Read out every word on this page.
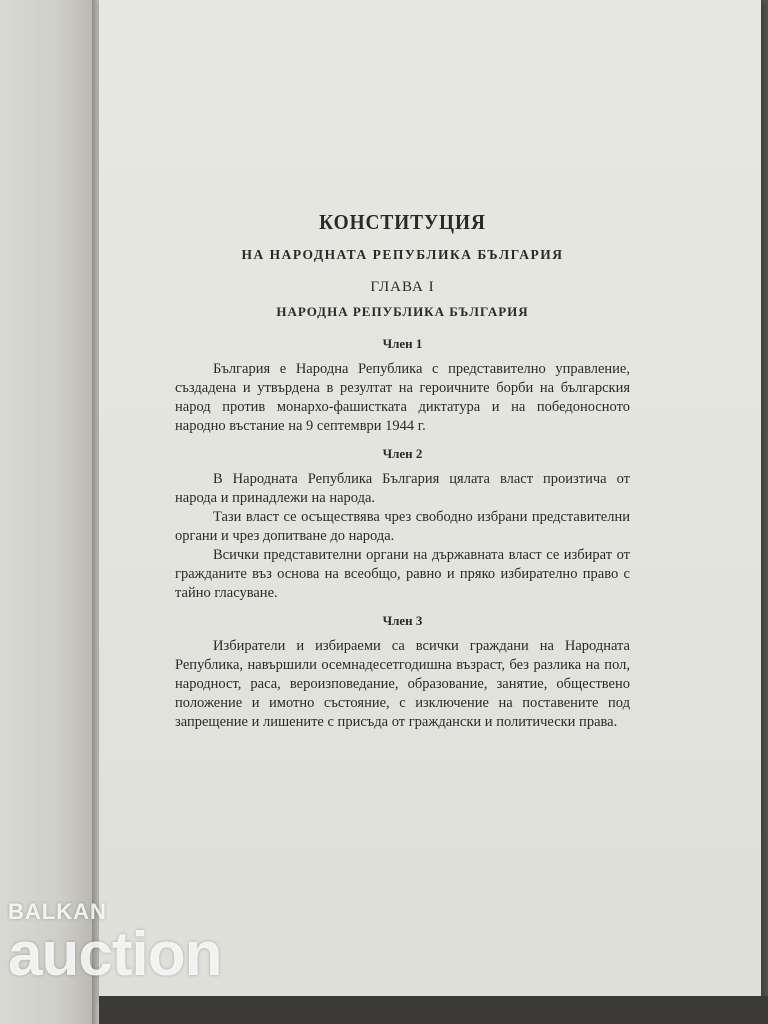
КОНСТИТУЦИЯ
НА НАРОДНАТА РЕПУБЛИКА БЪЛГАРИЯ
ГЛАВА I
НАРОДНА РЕПУБЛИКА БЪЛГАРИЯ
Член 1

България е Народна Република с представително управление, създадена и утвърдена в резултат на героичните борби на българския народ против монархо-фашистката диктатура и на победоносното народно въстание на 9 септември 1944 г.

Член 2

В Народната Република България цялата власт произтича от народа и принадлежи на народа.

Тази власт се осъществява чрез свободно избрани представителни органи и чрез допитване до народа.

Всички представителни органи на държавната власт се избират от гражданите въз основа на всеобщо, равно и пряко избирателно право с тайно гласуване.

Член 3

Избиратели и избираеми са всички граждани на Народната Република, навършили осемнадесетгодишна възраст, без разлика на пол, народност, раса, вероизповедание, образование, занятие, обществено положение и имотно състояние, с изключение на поставените под запрещение и лишените с присъда от граждански и политически права.

BALKAN
auction
